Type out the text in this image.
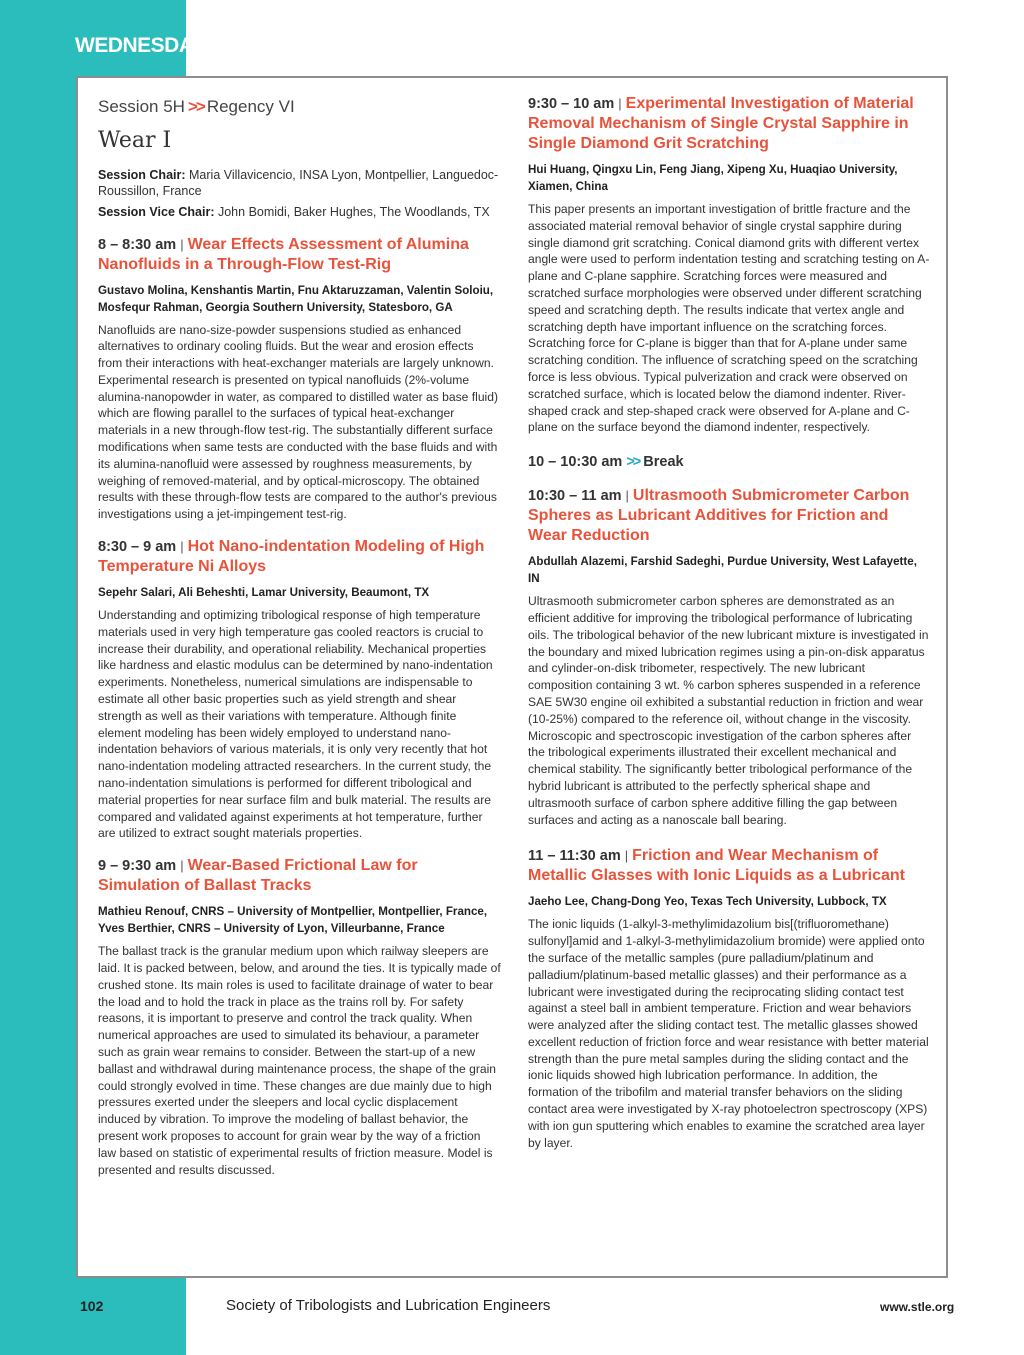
WEDNESDAY

Session 5H >> Regency VI

Wear I

Session Chair: Maria Villavicencio, INSA Lyon, Montpellier, Languedoc-Roussillon, France

Session Vice Chair: John Bomidi, Baker Hughes, The Woodlands, TX

8 – 8:30 am | Wear Effects Assessment of Alumina Nanofluids in a Through-Flow Test-Rig

Gustavo Molina, Kenshantis Martin, Fnu Aktaruzzaman, Valentin Soloiu, Mosfequr Rahman, Georgia Southern University, Statesboro, GA

Nanofluids are nano-size-powder suspensions studied as enhanced alternatives to ordinary cooling fluids. But the wear and erosion effects from their interactions with heat-exchanger materials are largely unknown. Experimental research is presented on typical nanofluids (2%-volume alumina-nanopowder in water, as compared to distilled water as base fluid) which are flowing parallel to the surfaces of typical heat-exchanger materials in a new through-flow test-rig. The substantially different surface modifications when same tests are conducted with the base fluids and with its alumina-nanofluid were assessed by roughness measurements, by weighing of removed-material, and by optical-microscopy. The obtained results with these through-flow tests are compared to the author's previous investigations using a jet-impingement test-rig.

8:30 – 9 am | Hot Nano-indentation Modeling of High Temperature Ni Alloys

Sepehr Salari, Ali Beheshti, Lamar University, Beaumont, TX

Understanding and optimizing tribological response of high temperature materials used in very high temperature gas cooled reactors is crucial to increase their durability, and operational reliability. Mechanical properties like hardness and elastic modulus can be determined by nano-indentation experiments. Nonetheless, numerical simulations are indispensable to estimate all other basic properties such as yield strength and shear strength as well as their variations with temperature. Although finite element modeling has been widely employed to understand nano-indentation behaviors of various materials, it is only very recently that hot nano-indentation modeling attracted researchers. In the current study, the nano-indentation simulations is performed for different tribological and material properties for near surface film and bulk material. The results are compared and validated against experiments at hot temperature, further are utilized to extract sought materials properties.

9 – 9:30 am | Wear-Based Frictional Law for Simulation of Ballast Tracks

Mathieu Renouf, CNRS – University of Montpellier, Montpellier, France, Yves Berthier, CNRS – University of Lyon, Villeurbanne, France

The ballast track is the granular medium upon which railway sleepers are laid. It is packed between, below, and around the ties. It is typically made of crushed stone. Its main roles is used to facilitate drainage of water to bear the load and to hold the track in place as the trains roll by. For safety reasons, it is important to preserve and control the track quality. When numerical approaches are used to simulated its behaviour, a parameter such as grain wear remains to consider. Between the start-up of a new ballast and withdrawal during maintenance process, the shape of the grain could strongly evolved in time. These changes are due mainly due to high pressures exerted under the sleepers and local cyclic displacement induced by vibration. To improve the modeling of ballast behavior, the present work proposes to account for grain wear by the way of a friction law based on statistic of experimental results of friction measure. Model is presented and results discussed.

9:30 – 10 am | Experimental Investigation of Material Removal Mechanism of Single Crystal Sapphire in Single Diamond Grit Scratching

Hui Huang, Qingxu Lin, Feng Jiang, Xipeng Xu, Huaqiao University, Xiamen, China

This paper presents an important investigation of brittle fracture and the associated material removal behavior of single crystal sapphire during single diamond grit scratching. Conical diamond grits with different vertex angle were used to perform indentation testing and scratching testing on A-plane and C-plane sapphire. Scratching forces were measured and scratched surface morphologies were observed under different scratching speed and scratching depth. The results indicate that vertex angle and scratching depth have important influence on the scratching forces. Scratching force for C-plane is bigger than that for A-plane under same scratching condition. The influence of scratching speed on the scratching force is less obvious. Typical pulverization and crack were observed on scratched surface, which is located below the diamond indenter. River-shaped crack and step-shaped crack were observed for A-plane and C-plane on the surface beyond the diamond indenter, respectively.

10 – 10:30 am >> Break

10:30 – 11 am | Ultrasmooth Submicrometer Carbon Spheres as Lubricant Additives for Friction and Wear Reduction

Abdullah Alazemi, Farshid Sadeghi, Purdue University, West Lafayette, IN

Ultrasmooth submicrometer carbon spheres are demonstrated as an efficient additive for improving the tribological performance of lubricating oils. The tribological behavior of the new lubricant mixture is investigated in the boundary and mixed lubrication regimes using a pin-on-disk apparatus and cylinder-on-disk tribometer, respectively. The new lubricant composition containing 3 wt. % carbon spheres suspended in a reference SAE 5W30 engine oil exhibited a substantial reduction in friction and wear (10-25%) compared to the reference oil, without change in the viscosity. Microscopic and spectroscopic investigation of the carbon spheres after the tribological experiments illustrated their excellent mechanical and chemical stability. The significantly better tribological performance of the hybrid lubricant is attributed to the perfectly spherical shape and ultrasmooth surface of carbon sphere additive filling the gap between surfaces and acting as a nanoscale ball bearing.

11 – 11:30 am | Friction and Wear Mechanism of Metallic Glasses with Ionic Liquids as a Lubricant

Jaeho Lee, Chang-Dong Yeo, Texas Tech University, Lubbock, TX

The ionic liquids (1-alkyl-3-methylimidazolium bis[(trifluoromethane) sulfonyl]amid and 1-alkyl-3-methylimidazolium bromide) were applied onto the surface of the metallic samples (pure palladium/platinum and palladium/platinum-based metallic glasses) and their performance as a lubricant were investigated during the reciprocating sliding contact test against a steel ball in ambient temperature. Friction and wear behaviors were analyzed after the sliding contact test. The metallic glasses showed excellent reduction of friction force and wear resistance with better material strength than the pure metal samples during the sliding contact and the ionic liquids showed high lubrication performance. In addition, the formation of the tribofilm and material transfer behaviors on the sliding contact area were investigated by X-ray photoelectron spectroscopy (XPS) with ion gun sputtering which enables to examine the scratched area layer by layer.

102	Society of Tribologists and Lubrication Engineers	www.stle.org
